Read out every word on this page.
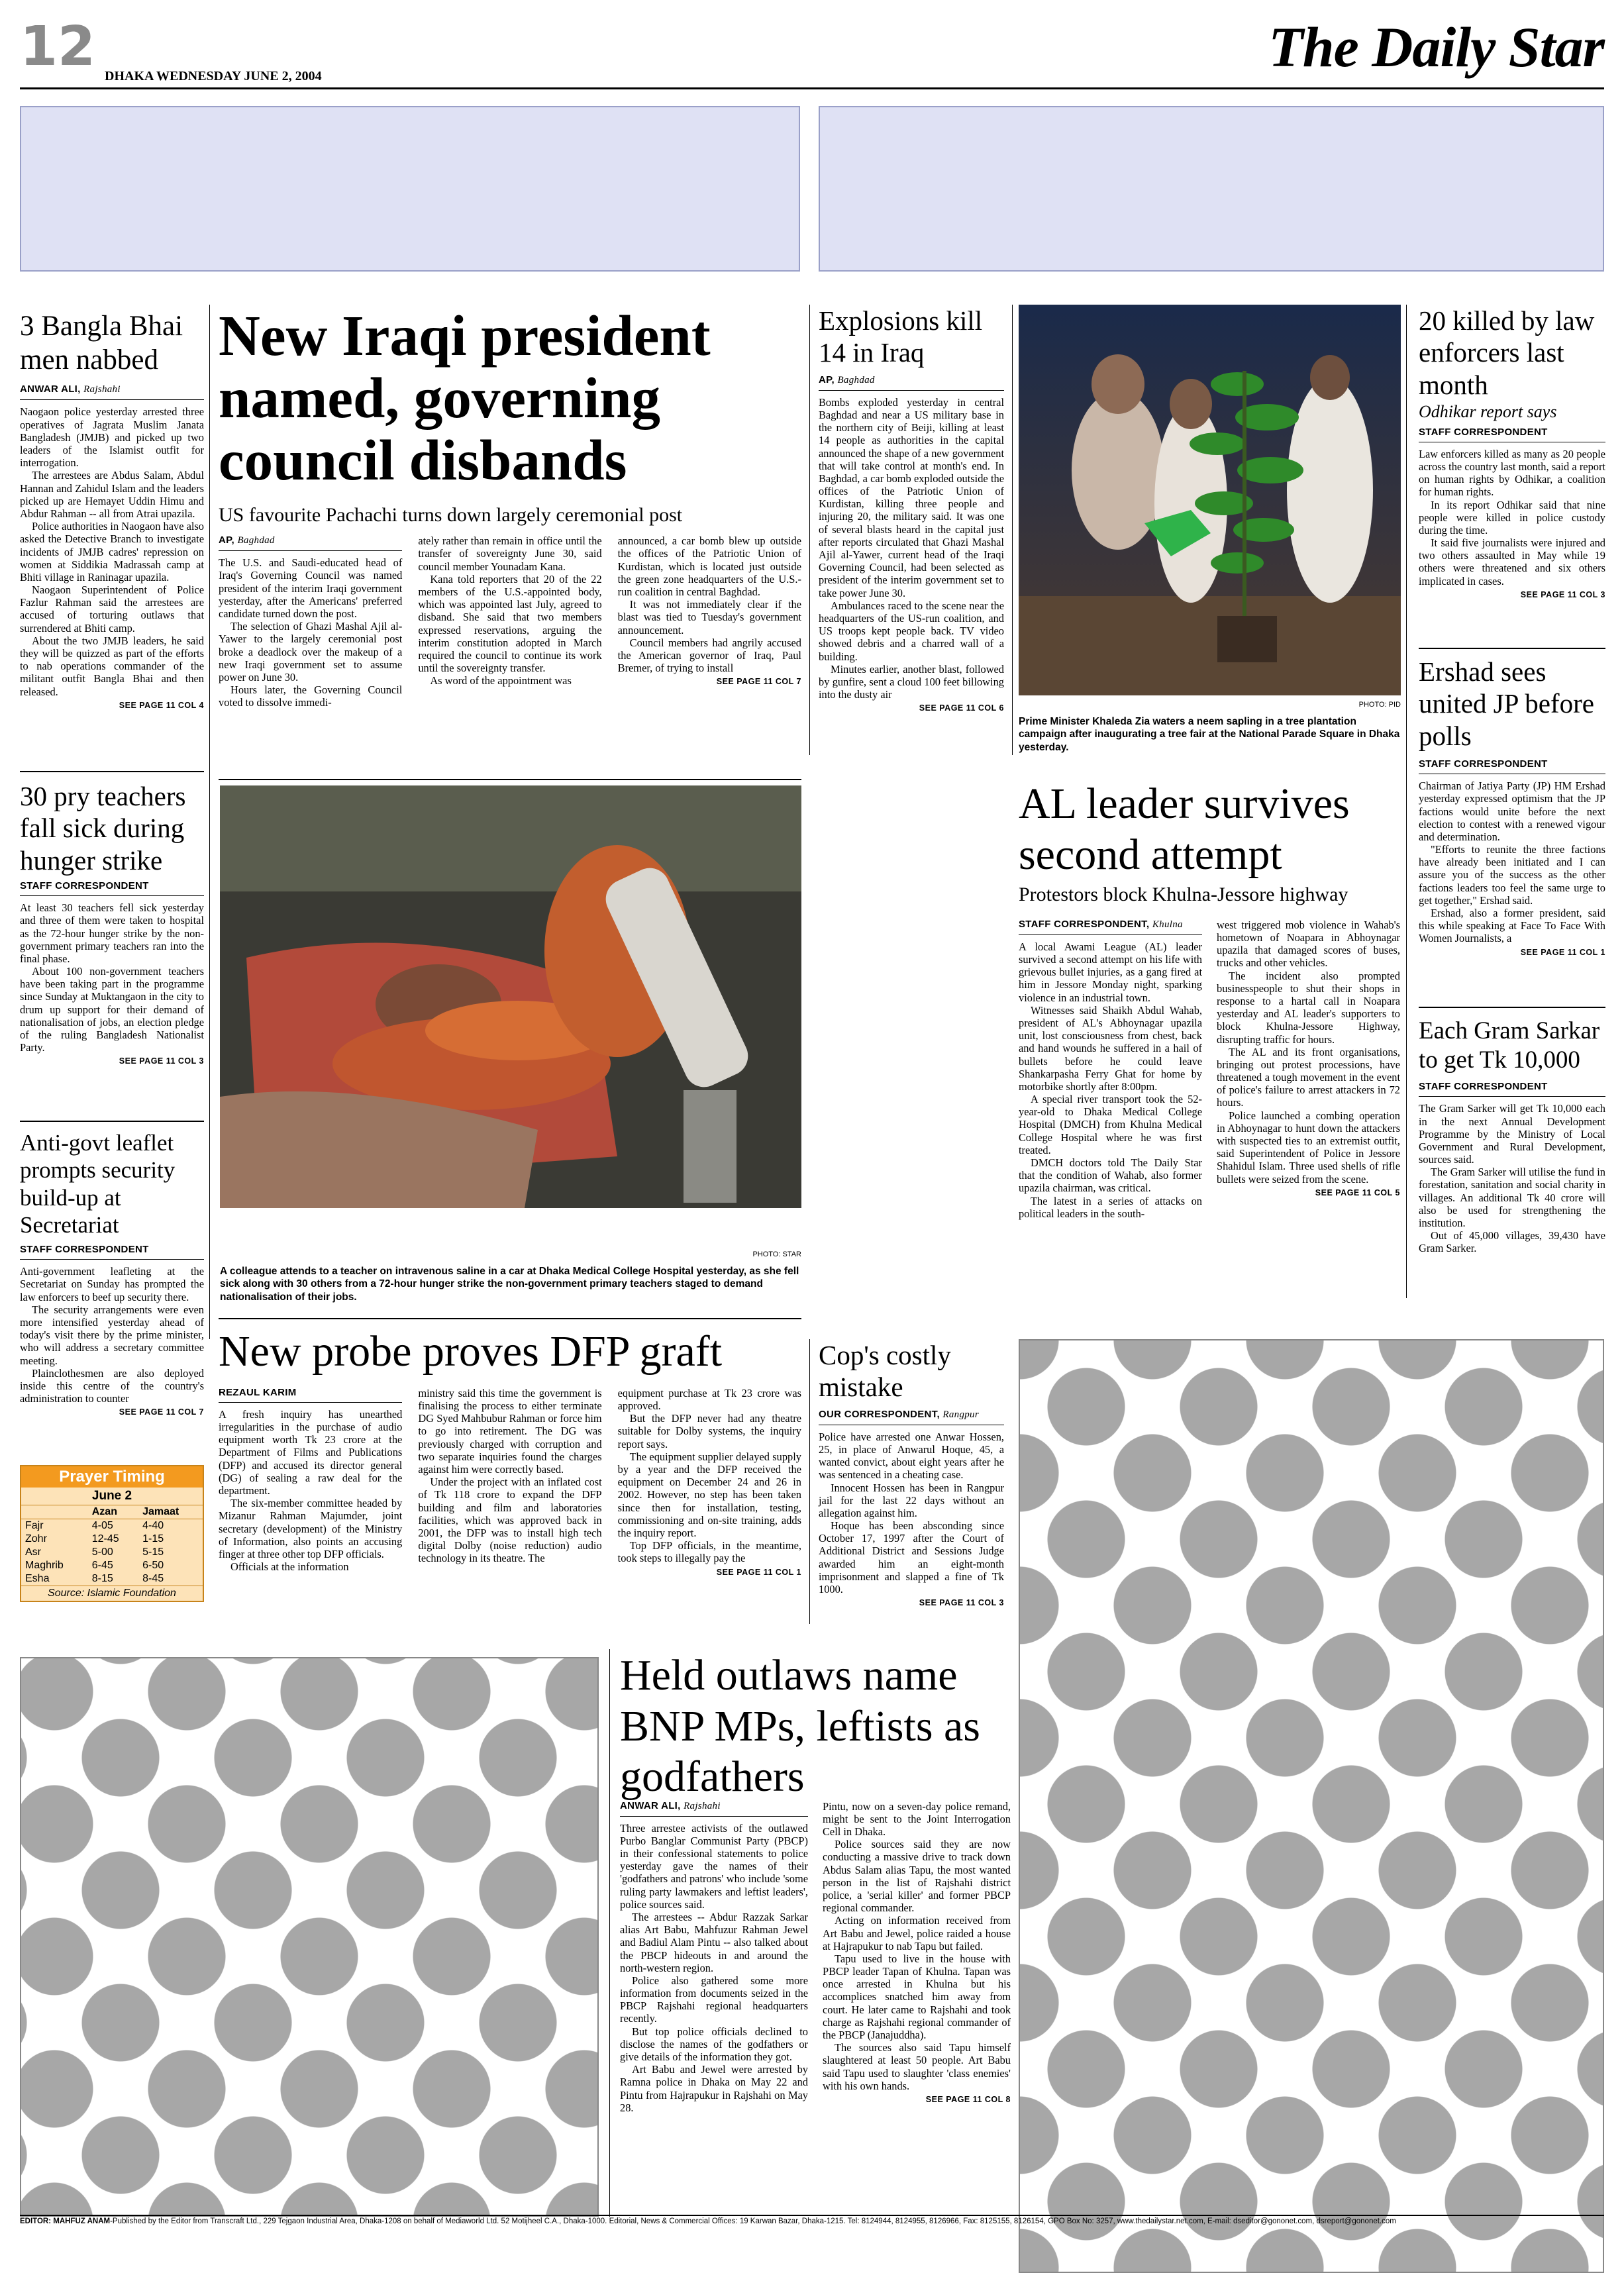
12 DHAKA WEDNESDAY JUNE 2, 2004	The Daily Star
3 Bangla Bhai men nabbed
ANWAR ALI, Rajshahi

Naogaon police yesterday arrested three operatives of Jagrata Muslim Janata Bangladesh (JMJB) and picked up two leaders of the Islamist outfit for interrogation.

The arrestees are Abdus Salam, Abdul Hannan and Zahidul Islam and the leaders picked up are Hemayet Uddin Himu and Abdur Rahman -- all from Atrai upazila.

Police authorities in Naogaon have also asked the Detective Branch to investigate incidents of JMJB cadres' repression on women at Siddikia Madrassah camp at Bhiti village in Raninagar upazila.

Naogaon Superintendent of Police Fazlur Rahman said the arrestees are accused of torturing outlaws that surrendered at Bhiti camp.

About the two JMJB leaders, he said they will be quizzed as part of the efforts to nab operations commander of the militant outfit Bangla Bhai and then released.

SEE PAGE 11 COL 4
New Iraqi president named, governing council disbands
US favourite Pachachi turns down largely ceremonial post
AP, Baghdad

The U.S. and Saudi-educated head of Iraq's Governing Council was named president of the interim Iraqi government yesterday, after the Americans' preferred candidate turned down the post.

The selection of Ghazi Mashal Ajil al-Yawer to the largely ceremonial post broke a deadlock over the makeup of a new Iraqi government set to assume power on June 30.

Hours later, the Governing Council voted to dissolve immedi-

ately rather than remain in office until the transfer of sovereignty June 30, said council member Younadam Kana.

Kana told reporters that 20 of the 22 members of the U.S.-appointed body, which was appointed last July, agreed to disband. She said that two members expressed reservations, arguing the interim constitution adopted in March required the council to continue its work until the sovereignty transfer.

As word of the appointment was

announced, a car bomb blew up outside the offices of the Patriotic Union of Kurdistan, which is located just outside the green zone headquarters of the U.S.-run coalition in central Baghdad.

It was not immediately clear if the blast was tied to Tuesday's government announcement.

Council members had angrily accused the American governor of Iraq, Paul Bremer, of trying to install

SEE PAGE 11 COL 7
Explosions kill 14 in Iraq
AP, Baghdad

Bombs exploded yesterday in central Baghdad and near a US military base in the northern city of Beiji, killing at least 14 people as authorities in the capital announced the shape of a new government that will take control at month's end. In Baghdad, a car bomb exploded outside the offices of the Patriotic Union of Kurdistan, killing three people and injuring 20, the military said. It was one of several blasts heard in the capital just after reports circulated that Ghazi Mashal Ajil al-Yawer, current head of the Iraqi Governing Council, had been selected as president of the interim government set to take power June 30.

Ambulances raced to the scene near the headquarters of the US-run coalition, and US troops kept people back. TV video showed debris and a charred wall of a building.

Minutes earlier, another blast, followed by gunfire, sent a cloud 100 feet billowing into the dusty air

SEE PAGE 11 COL 6	PHOTO: PID
Prime Minister Khaleda Zia waters a neem sapling in a tree plantation campaign after inaugurating a tree fair at the National Parade Square in Dhaka yesterday.
20 killed by law enforcers last month
Odhikar report says
STAFF CORRESPONDENT

Law enforcers killed as many as 20 people across the country last month, said a report on human rights by Odhikar, a coalition for human rights.

In its report Odhikar said that nine people were killed in police custody during the time.

It said five journalists were injured and two others assaulted in May while 19 others were threatened and six others implicated in cases.

SEE PAGE 11 COL 3
Ershad sees united JP before polls
STAFF CORRESPONDENT

Chairman of Jatiya Party (JP) HM Ershad yesterday expressed optimism that the JP factions would unite before the next election to contest with a renewed vigour and determination.

"Efforts to reunite the three factions have already been initiated and I can assure you of the success as the other factions leaders too feel the same urge to get together," Ershad said.

Ershad, also a former president, said this while speaking at Face To Face With Women Journalists, a

SEE PAGE 11 COL 1
Each Gram Sarkar to get Tk 10,000
STAFF CORRESPONDENT

The Gram Sarker will get Tk 10,000 each in the next Annual Development Programme by the Ministry of Local Government and Rural Development, sources said.

The Gram Sarker will utilise the fund in forestation, sanitation and social charity in villages. An additional Tk 40 crore will also be used for strengthening the institution.

Out of 45,000 villages, 39,430 have Gram Sarker.

30 pry teachers fall sick during hunger strike
STAFF CORRESPONDENT

At least 30 teachers fell sick yesterday and three of them were taken to hospital as the 72-hour hunger strike by the non-government primary teachers ran into the final phase.

About 100 non-government teachers have been taking part in the programme since Sunday at Muktangaon in the city to drum up support for their demand of nationalisation of jobs, an election pledge of the ruling Bangladesh Nationalist Party.

SEE PAGE 11 COL 3
PHOTO: STAR
A colleague attends to a teacher on intravenous saline in a car at Dhaka Medical College Hospital yesterday, as she fell sick along with 30 others from a 72-hour hunger strike the non-government primary teachers staged to demand nationalisation of their jobs.
AL leader survives second attempt
Protestors block Khulna-Jessore highway
STAFF CORRESPONDENT, Khulna

A local Awami League (AL) leader survived a second attempt on his life with grievous bullet injuries, as a gang fired at him in Jessore Monday night, sparking violence in an industrial town.

Witnesses said Shaikh Abdul Wahab, president of AL's Abhoynagar upazila unit, lost consciousness from chest, back and hand wounds he suffered in a hail of bullets before he could leave Shankarpasha Ferry Ghat for home by motorbike shortly after 8:00pm.

A special river transport took the 52-year-old to Dhaka Medical College Hospital (DMCH) from Khulna Medical College Hospital where he was first treated.

DMCH doctors told The Daily Star that the condition of Wahab, also former upazila chairman, was critical.

The latest in a series of attacks on political leaders in the south-

west triggered mob violence in Wahab's hometown of Noapara in Abhoynagar upazila that damaged scores of buses, trucks and other vehicles.

The incident also prompted businesspeople to shut their shops in response to a hartal call in Noapara yesterday and AL leader's supporters to block Khulna-Jessore Highway, disrupting traffic for hours.

The AL and its front organisations, bringing out protest processions, have threatened a tough movement in the event of police's failure to arrest attackers in 72 hours.

Police launched a combing operation in Abhoynagar to hunt down the attackers with suspected ties to an extremist outfit, said Superintendent of Police in Jessore Shahidul Islam. Three used shells of rifle bullets were seized from the scene.

SEE PAGE 11 COL 5
Anti-govt leaflet prompts security build-up at Secretariat
STAFF CORRESPONDENT

Anti-government leafleting at the Secretariat on Sunday has prompted the law enforcers to beef up security there.

The security arrangements were even more intensified yesterday ahead of today's visit there by the prime minister, who will address a secretary committee meeting.

Plainclothesmen are also deployed inside this centre of the country's administration to counter

SEE PAGE 11 COL 7
Prayer Timing
June 2
	Azan	Jamaat
Fajr	4-05	4-40
Zohr	12-45	1-15
Asr	5-00	5-15
Maghrib	6-45	6-50
Esha	8-15	8-45
Source: Islamic Foundation
New probe proves DFP graft
REZAUL KARIM

A fresh inquiry has unearthed irregularities in the purchase of audio equipment worth Tk 23 crore at the Department of Films and Publications (DFP) and accused its director general (DG) of sealing a raw deal for the department.

The six-member committee headed by Mizanur Rahman Majumder, joint secretary (development) of the Ministry of Information, also points an accusing finger at three other top DFP officials.

Officials at the information

ministry said this time the government is finalising the process to either terminate DG Syed Mahbubur Rahman or force him to go into retirement. The DG was previously charged with corruption and two separate inquiries found the charges against him were correctly based.

Under the project with an inflated cost of Tk 118 crore to expand the DFP building and film and laboratories facilities, which was approved back in 2001, the DFP was to install high tech digital Dolby (noise reduction) audio technology in its theatre. The

equipment purchase at Tk 23 crore was approved.

But the DFP never had any theatre suitable for Dolby systems, the inquiry report says.

The equipment supplier delayed supply by a year and the DFP received the equipment on December 24 and 26 in 2002. However, no step has been taken since then for installation, testing, commissioning and on-site training, adds the inquiry report.

Top DFP officials, in the meantime, took steps to illegally pay the

SEE PAGE 11 COL 1
Cop's costly mistake
OUR CORRESPONDENT, Rangpur

Police have arrested one Anwar Hossen, 25, in place of Anwarul Hoque, 45, a wanted convict, about eight years after he was sentenced in a cheating case.

Innocent Hossen has been in Rangpur jail for the last 22 days without an allegation against him.

Hoque has been absconding since October 17, 1997 after the Court of Additional District and Sessions Judge awarded him an eight-month imprisonment and slapped a fine of Tk 1000.

SEE PAGE 11 COL 3
Held outlaws name BNP MPs, leftists as godfathers
ANWAR ALI, Rajshahi

Three arrestee activists of the outlawed Purbo Banglar Communist Party (PBCP) in their confessional statements to police yesterday gave the names of their 'godfathers and patrons' who include 'some ruling party lawmakers and leftist leaders', police sources said.

The arrestees -- Abdur Razzak Sarkar alias Art Babu, Mahfuzur Rahman Jewel and Badiul Alam Pintu -- also talked about the PBCP hideouts in and around the north-western region.

Police also gathered some more information from documents seized in the PBCP Rajshahi regional headquarters recently.

But top police officials declined to disclose the names of the godfathers or give details of the information they got.

Art Babu and Jewel were arrested by Ramna police in Dhaka on May 22 and Pintu from Hajrapukur in Rajshahi on May 28.

Pintu, now on a seven-day police remand, might be sent to the Joint Interrogation Cell in Dhaka.

Police sources said they are now conducting a massive drive to track down Abdus Salam alias Tapu, the most wanted person in the list of Rajshahi district police, a 'serial killer' and former PBCP regional commander.

Acting on information received from Art Babu and Jewel, police raided a house at Hajrapukur to nab Tapu but failed.

Tapu used to live in the house with PBCP leader Tapan of Khulna. Tapan was once arrested in Khulna but his accomplices snatched him away from court. He later came to Rajshahi and took charge as Rajshahi regional commander of the PBCP (Janajuddha).

The sources also said Tapu himself slaughtered at least 50 people. Art Babu said Tapu used to slaughter 'class enemies' with his own hands.

SEE PAGE 11 COL 8
EDITOR: MAHFUZ ANAM-Published by the Editor from Transcraft Ltd., 229 Tejgaon Industrial Area, Dhaka-1208 on behalf of Mediaworld Ltd. 52 Motijheel C.A., Dhaka-1000. Editorial, News & Commercial Offices: 19 Karwan Bazar, Dhaka-1215. Tel: 8124944, 8124955, 8126966, Fax: 8125155, 8126154, GPO Box No: 3257, www.thedailystar.net.com, E-mail: dseditor@gononet.com, dsreport@gononet.com
